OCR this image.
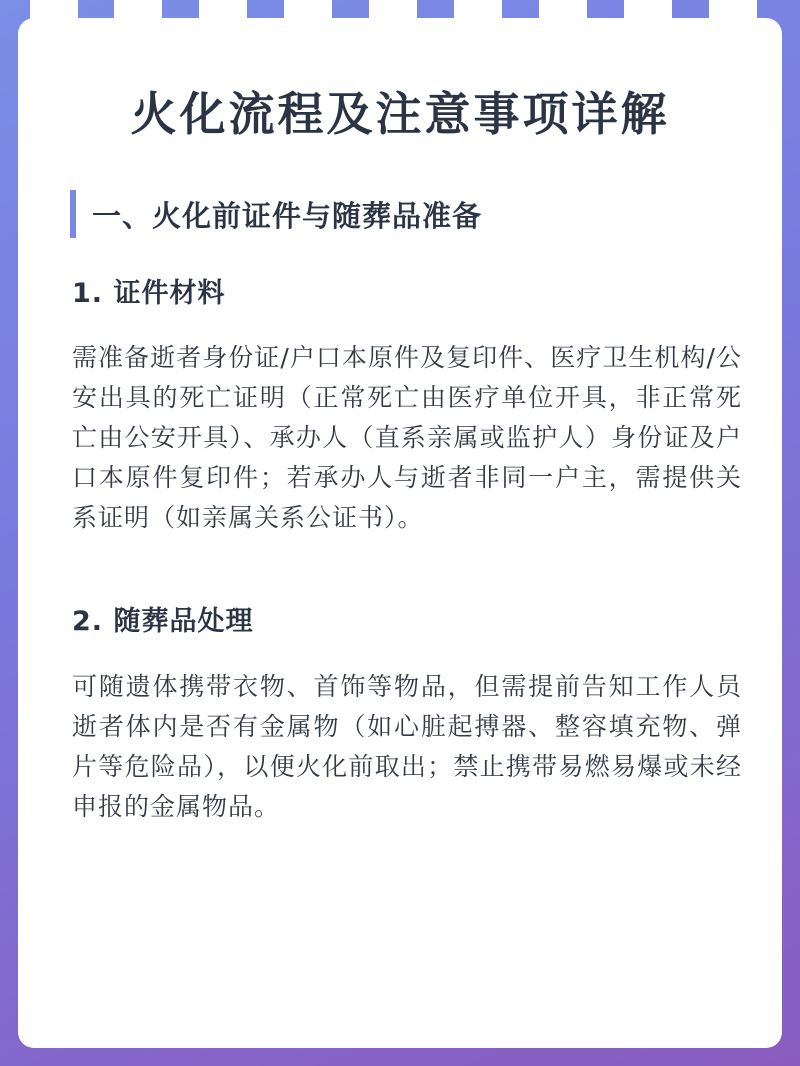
火化流程及注意事项详解
一、火化前证件与随葬品准备
1. 证件材料

需准备逝者身份证/户口本原件及复印件、医疗卫生机构/公安出具的死亡证明（正常死亡由医疗单位开具，非正常死亡由公安开具）、承办人（直系亲属或监护人）身份证及户口本原件复印件；若承办人与逝者非同一户主，需提供关系证明（如亲属关系公证书）。

2. 随葬品处理

可随遗体携带衣物、首饰等物品，但需提前告知工作人员逝者体内是否有金属物（如心脏起搏器、整容填充物、弹片等危险品），以便火化前取出；禁止携带易燃易爆或未经申报的金属物品。
